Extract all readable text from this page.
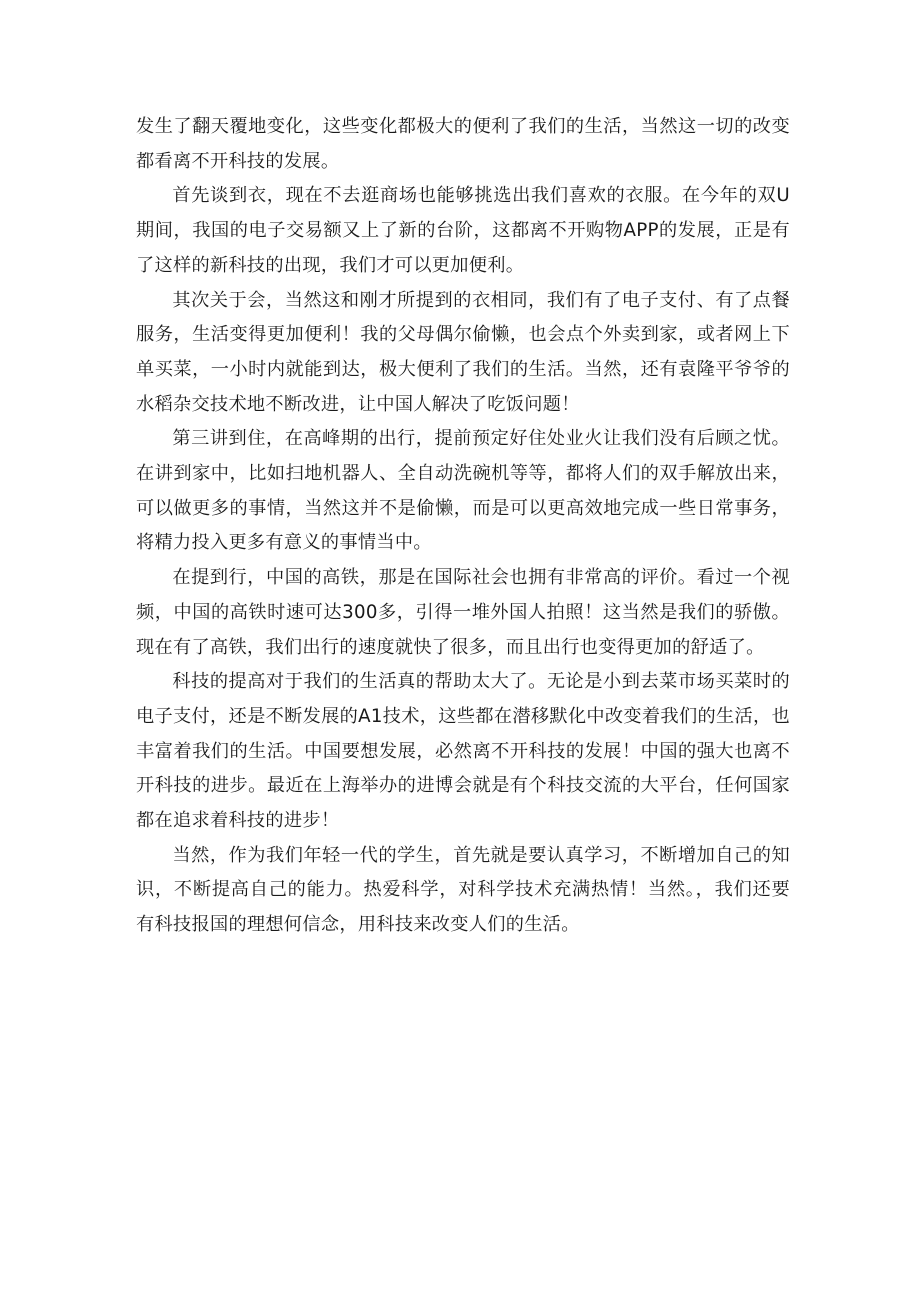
发生了翻天覆地变化，这些变化都极大的便利了我们的生活，当然这一切的改变都看离不开科技的发展。

首先谈到衣，现在不去逛商场也能够挑选出我们喜欢的衣服。在今年的双U期间，我国的电子交易额又上了新的台阶，这都离不开购物APP的发展，正是有了这样的新科技的出现，我们才可以更加便利。

其次关于会，当然这和刚才所提到的衣相同，我们有了电子支付、有了点餐服务，生活变得更加便利！我的父母偶尔偷懒，也会点个外卖到家，或者网上下单买菜，一小时内就能到达，极大便利了我们的生活。当然，还有袁隆平爷爷的水稻杂交技术地不断改进，让中国人解决了吃饭问题！

第三讲到住，在高峰期的出行，提前预定好住处业火让我们没有后顾之忧。在讲到家中，比如扫地机器人、全自动洗碗机等等，都将人们的双手解放出来，可以做更多的事情，当然这并不是偷懒，而是可以更高效地完成一些日常事务，将精力投入更多有意义的事情当中。

在提到行，中国的高铁，那是在国际社会也拥有非常高的评价。看过一个视频，中国的高铁时速可达300多，引得一堆外国人拍照！这当然是我们的骄傲。现在有了高铁，我们出行的速度就快了很多，而且出行也变得更加的舒适了。

科技的提高对于我们的生活真的帮助太大了。无论是小到去菜市场买菜时的电子支付，还是不断发展的A1技术，这些都在潜移默化中改变着我们的生活，也丰富着我们的生活。中国要想发展，必然离不开科技的发展！中国的强大也离不开科技的进步。最近在上海举办的进博会就是有个科技交流的大平台，任何国家都在追求着科技的进步！

当然，作为我们年轻一代的学生，首先就是要认真学习，不断增加自己的知识，不断提高自己的能力。热爱科学，对科学技术充满热情！当然。，我们还要有科技报国的理想何信念，用科技来改变人们的生活。
